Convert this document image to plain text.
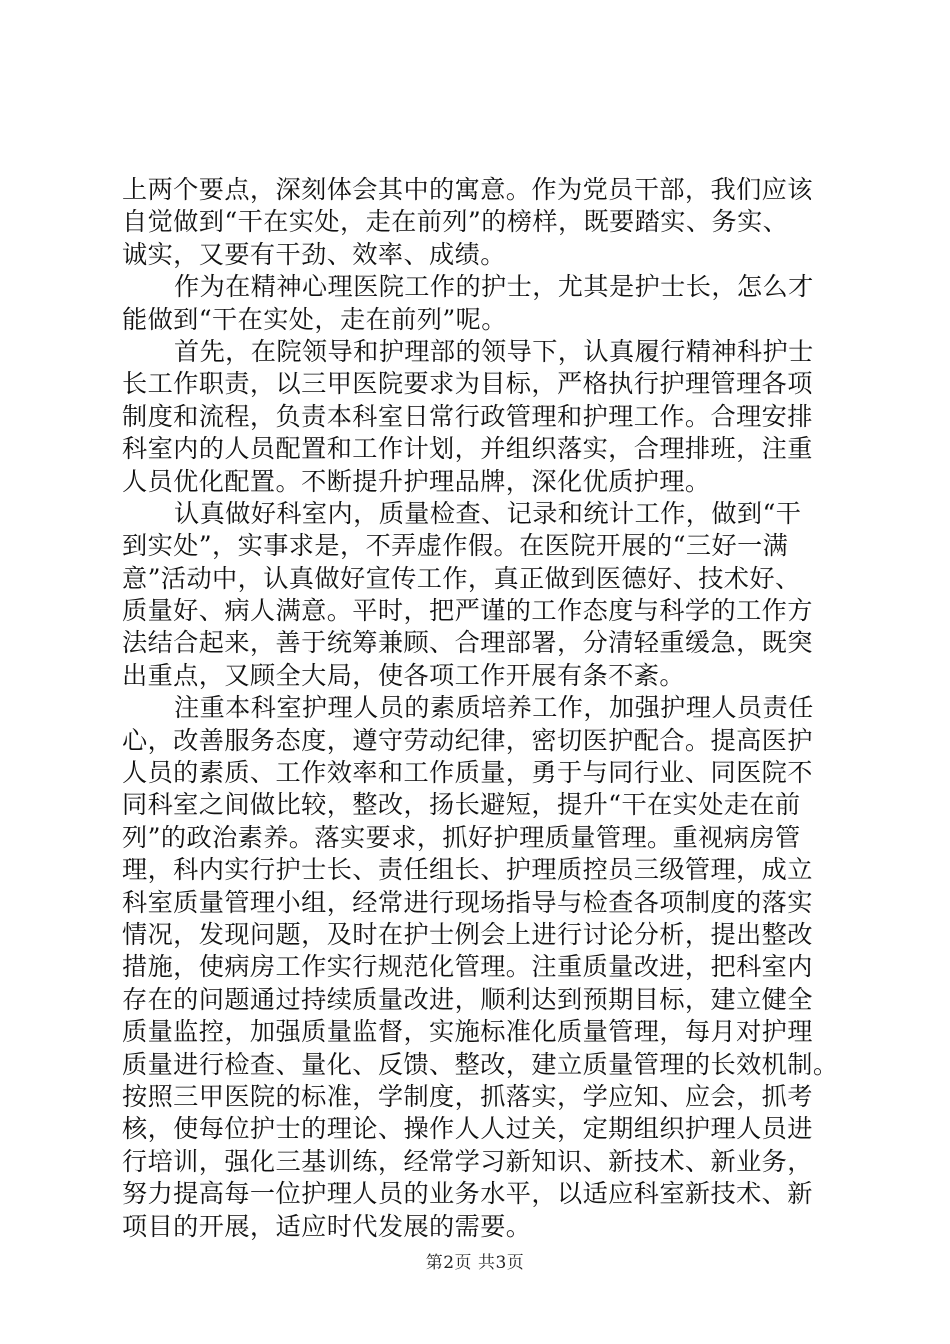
上两个要点，深刻体会其中的寓意。作为党员干部，我们应该
自觉做到“干在实处，走在前列”的榜样，既要踏实、务实、
诚实，又要有干劲、效率、成绩。
作为在精神心理医院工作的护士，尤其是护士长，怎么才
能做到“干在实处，走在前列”呢。
首先，在院领导和护理部的领导下，认真履行精神科护士
长工作职责，以三甲医院要求为目标，严格执行护理管理各项
制度和流程，负责本科室日常行政管理和护理工作。合理安排
科室内的人员配置和工作计划，并组织落实，合理排班，注重
人员优化配置。不断提升护理品牌，深化优质护理。
认真做好科室内，质量检查、记录和统计工作，做到“干
到实处”，实事求是，不弄虚作假。在医院开展的“三好一满
意”活动中，认真做好宣传工作，真正做到医德好、技术好、
质量好、病人满意。平时，把严谨的工作态度与科学的工作方
法结合起来，善于统筹兼顾、合理部署，分清轻重缓急，既突
出重点，又顾全大局，使各项工作开展有条不紊。
注重本科室护理人员的素质培养工作，加强护理人员责任
心，改善服务态度，遵守劳动纪律，密切医护配合。提高医护
人员的素质、工作效率和工作质量，勇于与同行业、同医院不
同科室之间做比较，整改，扬长避短，提升“干在实处走在前
列”的政治素养。落实要求，抓好护理质量管理。重视病房管
理，科内实行护士长、责任组长、护理质控员三级管理，成立
科室质量管理小组，经常进行现场指导与检查各项制度的落实
情况，发现问题，及时在护士例会上进行讨论分析，提出整改
措施，使病房工作实行规范化管理。注重质量改进，把科室内
存在的问题通过持续质量改进，顺利达到预期目标，建立健全
质量监控，加强质量监督，实施标准化质量管理，每月对护理
质量进行检查、量化、反馈、整改，建立质量管理的长效机制。
按照三甲医院的标准，学制度，抓落实，学应知、应会，抓考
核，使每位护士的理论、操作人人过关，定期组织护理人员进
行培训，强化三基训练，经常学习新知识、新技术、新业务，
努力提高每一位护理人员的业务水平，以适应科室新技术、新
项目的开展，适应时代发展的需要。
第2页 共3页
